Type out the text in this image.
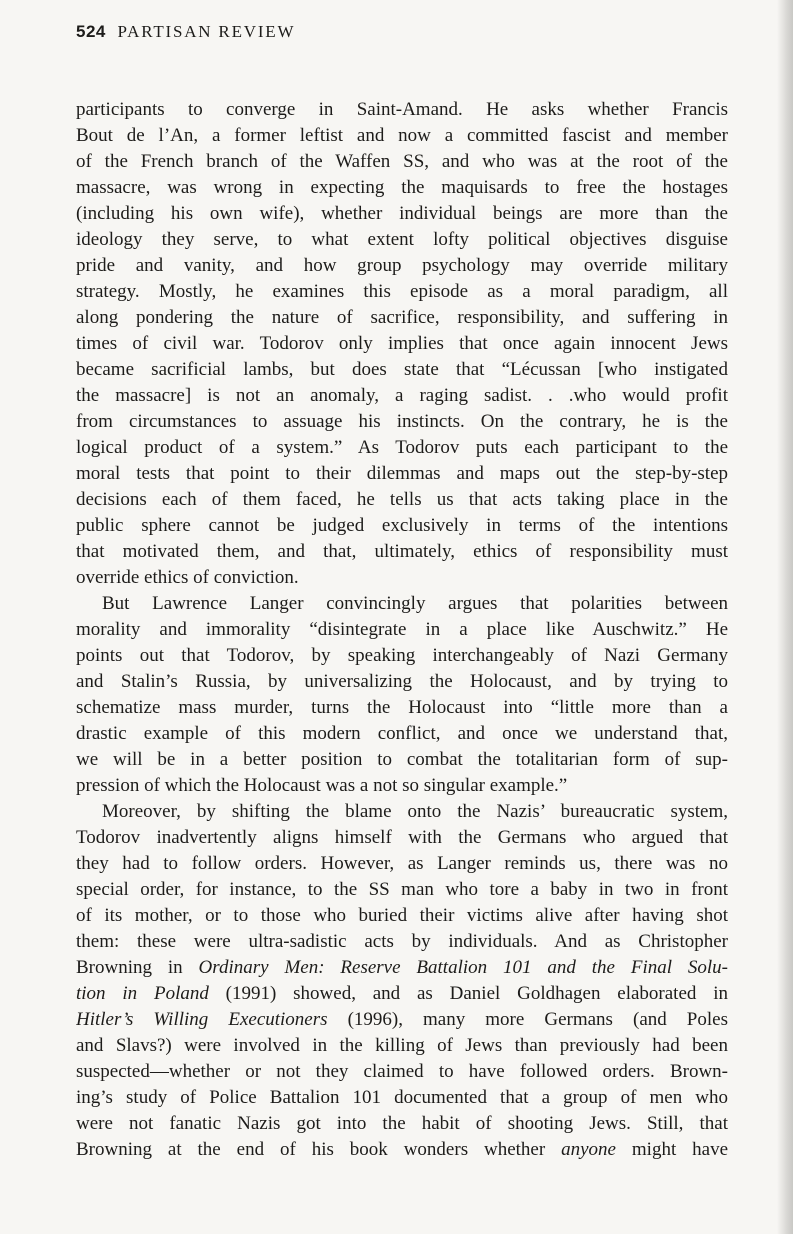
524 PARTISAN REVIEW
participants to converge in Saint-Amand. He asks whether Francis
Bout de l’An, a former leftist and now a committed fascist and member
of the French branch of the Waffen SS, and who was at the root of the
massacre, was wrong in expecting the maquisards to free the hostages
(including his own wife), whether individual beings are more than the
ideology they serve, to what extent lofty political objectives disguise
pride and vanity, and how group psychology may override military
strategy. Mostly, he examines this episode as a moral paradigm, all
along pondering the nature of sacrifice, responsibility, and suffering in
times of civil war. Todorov only implies that once again innocent Jews
became sacrificial lambs, but does state that “Lécussan [who instigated
the massacre] is not an anomaly, a raging sadist. . .who would profit
from circumstances to assuage his instincts. On the contrary, he is the
logical product of a system.” As Todorov puts each participant to the
moral tests that point to their dilemmas and maps out the step-by-step
decisions each of them faced, he tells us that acts taking place in the
public sphere cannot be judged exclusively in terms of the intentions
that motivated them, and that, ultimately, ethics of responsibility must
override ethics of conviction.
But Lawrence Langer convincingly argues that polarities between
morality and immorality “disintegrate in a place like Auschwitz.” He
points out that Todorov, by speaking interchangeably of Nazi Germany
and Stalin’s Russia, by universalizing the Holocaust, and by trying to
schematize mass murder, turns the Holocaust into “little more than a
drastic example of this modern conflict, and once we understand that,
we will be in a better position to combat the totalitarian form of sup-
pression of which the Holocaust was a not so singular example.”
Moreover, by shifting the blame onto the Nazis’ bureaucratic system,
Todorov inadvertently aligns himself with the Germans who argued that
they had to follow orders. However, as Langer reminds us, there was no
special order, for instance, to the SS man who tore a baby in two in front
of its mother, or to those who buried their victims alive after having shot
them: these were ultra-sadistic acts by individuals. And as Christopher
Browning in Ordinary Men: Reserve Battalion 101 and the Final Solu-
tion in Poland (1991) showed, and as Daniel Goldhagen elaborated in
Hitler’s Willing Executioners (1996), many more Germans (and Poles
and Slavs?) were involved in the killing of Jews than previously had been
suspected—whether or not they claimed to have followed orders. Brown-
ing’s study of Police Battalion 101 documented that a group of men who
were not fanatic Nazis got into the habit of shooting Jews. Still, that
Browning at the end of his book wonders whether anyone might have
